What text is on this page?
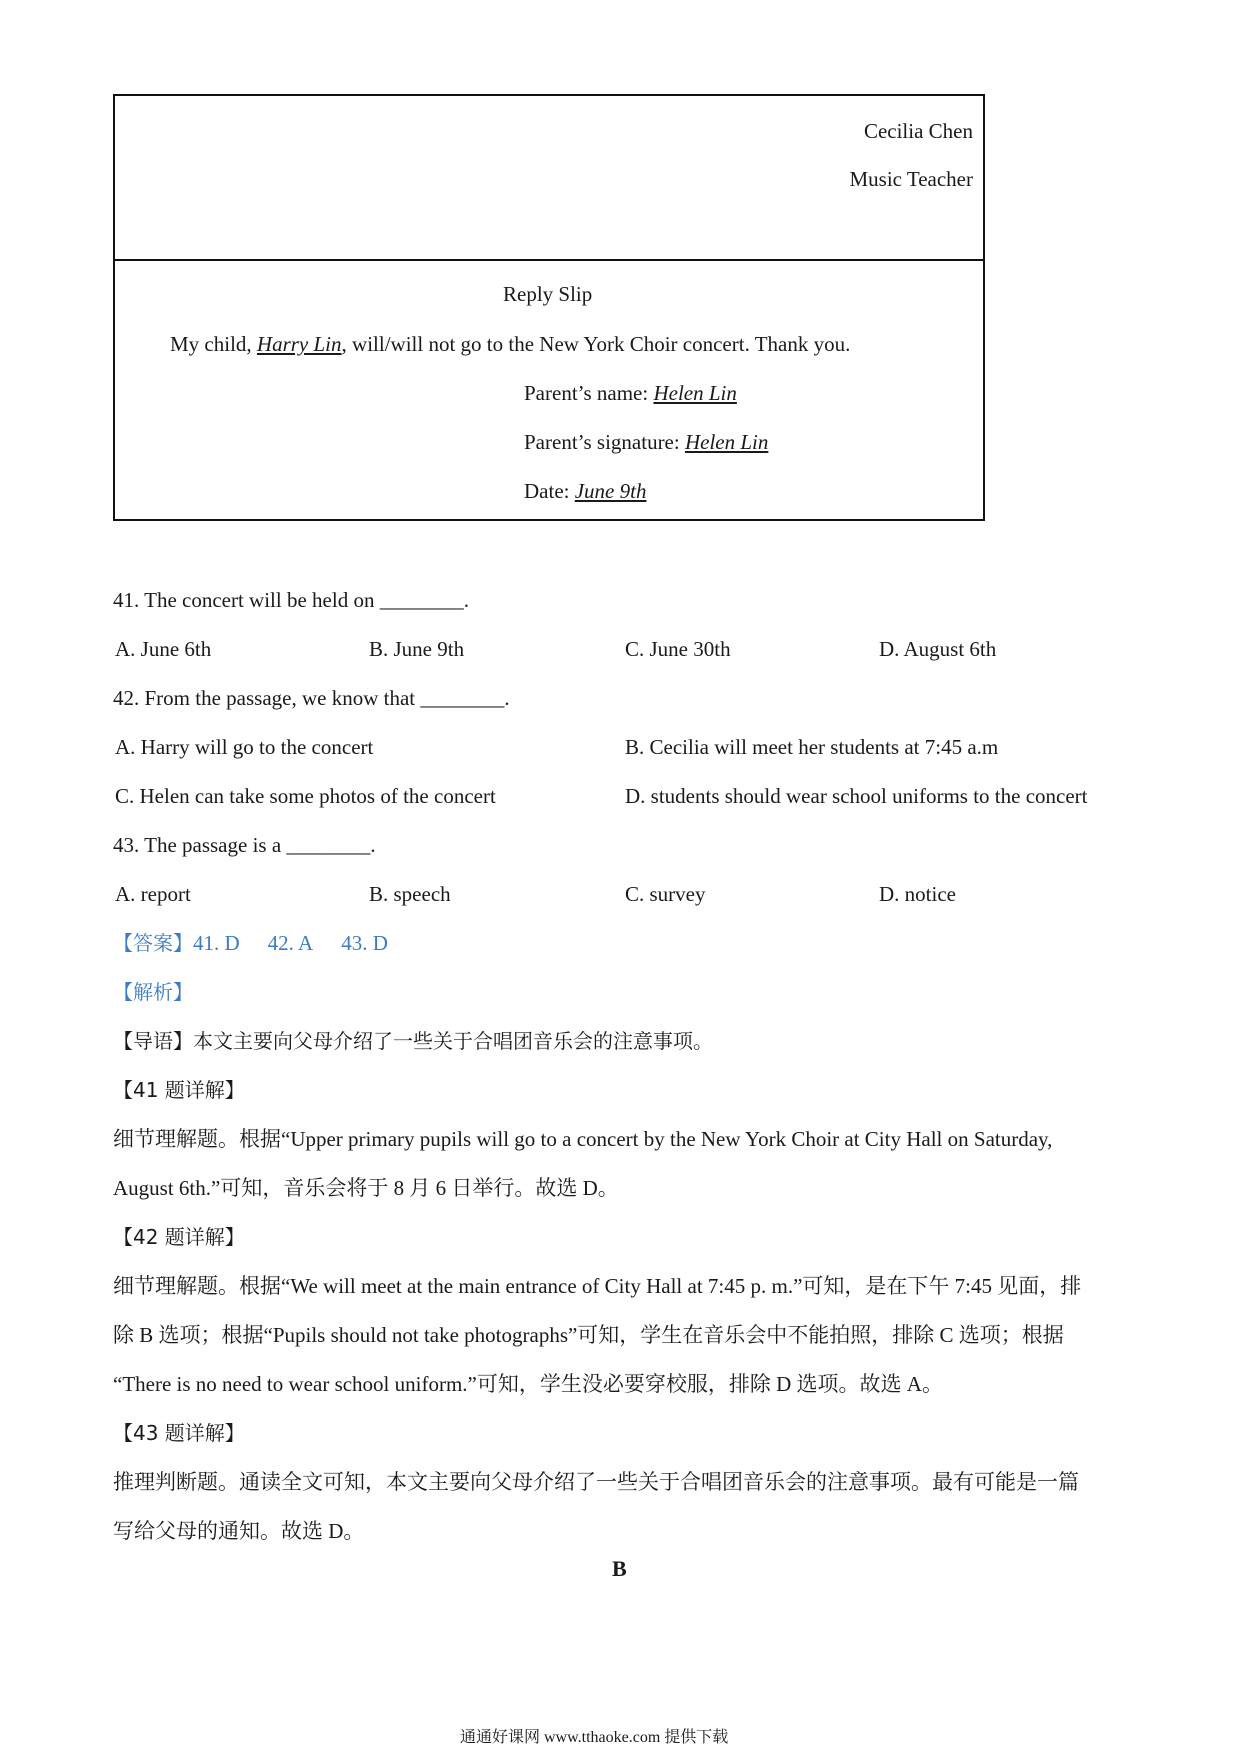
Cecilia Chen
Music Teacher
Reply Slip
My child, Harry Lin, will/will not go to the New York Choir concert. Thank you.
Parent’s name: Helen Lin
Parent’s signature: Helen Lin
Date: June 9th
41. The concert will be held on ________.
A. June 6th	B. June 9th	C. June 30th	D. August 6th
42. From the passage, we know that ________.
A. Harry will go to the concert	B. Cecilia will meet her students at 7:45 a.m
C. Helen can take some photos of the concert	D. students should wear school uniforms to the concert
43. The passage is a ________.
A. report	B. speech	C. survey	D. notice
【答案】41. D 42. A 43. D
【解析】
【导语】本文主要向父母介绍了一些关于合唱团音乐会的注意事项。
【41 题详解】
细节理解题。根据“Upper primary pupils will go to a concert by the New York Choir at City Hall on Saturday,
August 6th.”可知，音乐会将于 8 月 6 日举行。故选 D。
【42 题详解】
细节理解题。根据“We will meet at the main entrance of City Hall at 7:45 p. m.”可知，是在下午 7:45 见面，排
除 B 选项；根据“Pupils should not take photographs”可知，学生在音乐会中不能拍照，排除 C 选项；根据
“There is no need to wear school uniform.”可知，学生没必要穿校服，排除 D 选项。故选 A。
【43 题详解】
推理判断题。通读全文可知，本文主要向父母介绍了一些关于合唱团音乐会的注意事项。最有可能是一篇
写给父母的通知。故选 D。
B
通通好课网 www.tthaoke.com 提供下载
